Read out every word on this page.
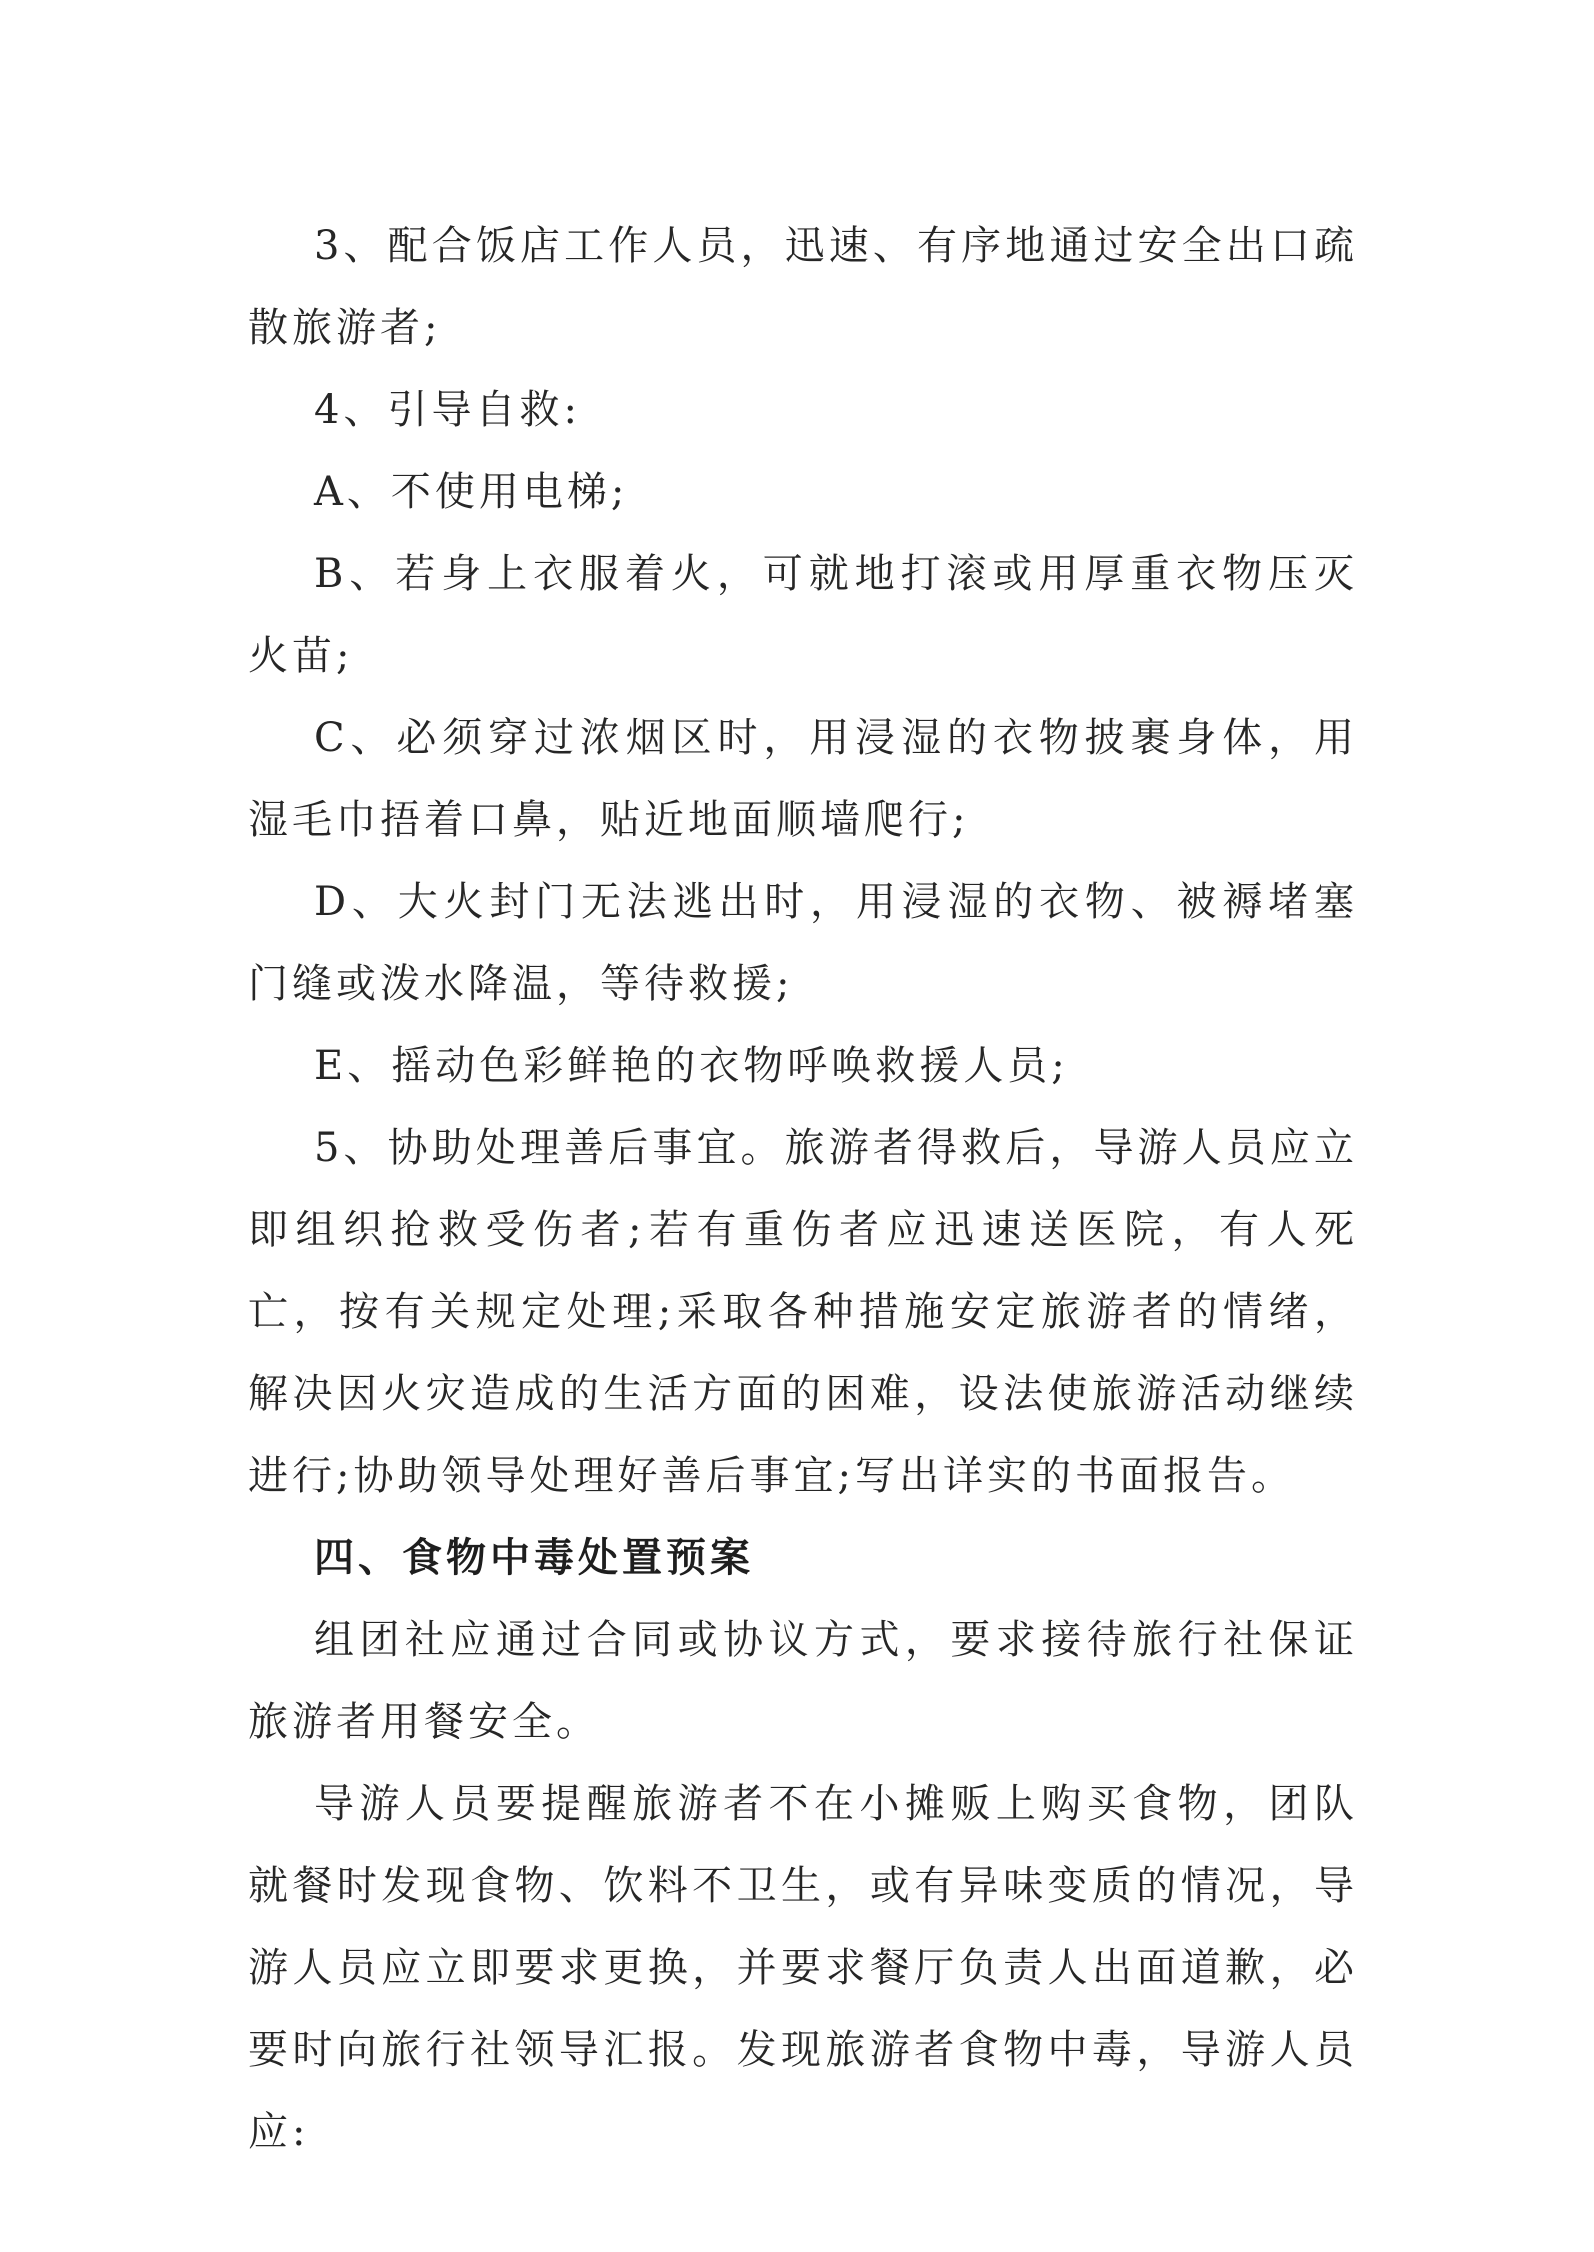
3、配合饭店工作人员，迅速、有序地通过安全出口疏散旅游者;

4、引导自救:

A、不使用电梯;

B、若身上衣服着火，可就地打滚或用厚重衣物压灭火苗;

C、必须穿过浓烟区时，用浸湿的衣物披裹身体，用湿毛巾捂着口鼻，贴近地面顺墙爬行;

D、大火封门无法逃出时，用浸湿的衣物、被褥堵塞门缝或泼水降温，等待救援;

E、摇动色彩鲜艳的衣物呼唤救援人员;

5、协助处理善后事宜。旅游者得救后，导游人员应立即组织抢救受伤者;若有重伤者应迅速送医院，有人死亡，按有关规定处理;采取各种措施安定旅游者的情绪，解决因火灾造成的生活方面的困难，设法使旅游活动继续进行;协助领导处理好善后事宜;写出详实的书面报告。

四、食物中毒处置预案

组团社应通过合同或协议方式，要求接待旅行社保证旅游者用餐安全。

导游人员要提醒旅游者不在小摊贩上购买食物，团队就餐时发现食物、饮料不卫生，或有异味变质的情况，导游人员应立即要求更换，并要求餐厅负责人出面道歉，必要时向旅行社领导汇报。发现旅游者食物中毒，导游人员应:
